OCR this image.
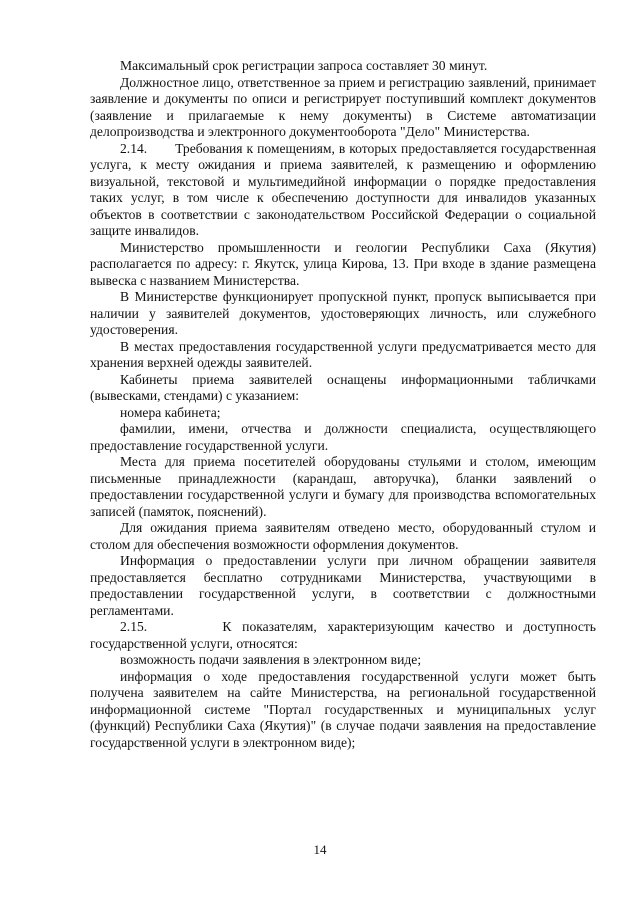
Максимальный срок регистрации запроса составляет 30 минут.

Должностное лицо, ответственное за прием и регистрацию заявлений, принимает заявление и документы по описи и регистрирует поступивший комплект документов (заявление и прилагаемые к нему документы) в Системе автоматизации делопроизводства и электронного документооборота "Дело" Министерства.

2.14.       Требования к помещениям, в которых предоставляется государственная услуга, к месту ожидания и приема заявителей, к размещению и оформлению визуальной, текстовой и мультимедийной информации о порядке предоставления таких услуг, в том числе к обеспечению доступности для инвалидов указанных объектов в соответствии с законодательством Российской Федерации о социальной защите инвалидов.

Министерство промышленности и геологии Республики Саха (Якутия) располагается по адресу: г. Якутск, улица Кирова, 13. При входе в здание размещена вывеска с названием Министерства.

В Министерстве функционирует пропускной пункт, пропуск выписывается при наличии у заявителей документов, удостоверяющих личность, или служебного удостоверения.

В местах предоставления государственной услуги предусматривается место для хранения верхней одежды заявителей.

Кабинеты приема заявителей оснащены информационными табличками (вывесками, стендами) с указанием:

номера кабинета;

фамилии, имени, отчества и должности специалиста, осуществляющего предоставление государственной услуги.

Места для приема посетителей оборудованы стульями и столом, имеющим письменные принадлежности (карандаш, авторучка), бланки заявлений о предоставлении государственной услуги и бумагу для производства вспомогательных записей (памяток, пояснений).

Для ожидания приема заявителям отведено место, оборудованный стулом и столом для обеспечения возможности оформления документов.

Информация о предоставлении услуги при личном обращении заявителя предоставляется бесплатно сотрудниками Министерства, участвующими в предоставлении государственной услуги, в соответствии с должностными регламентами.

2.15.       К показателям, характеризующим качество и доступность государственной услуги, относятся:

возможность подачи заявления в электронном виде;

информация о ходе предоставления государственной услуги может быть получена заявителем на сайте Министерства, на региональной государственной информационной системе "Портал государственных и муниципальных услуг (функций) Республики Саха (Якутия)" (в случае подачи заявления на предоставление государственной услуги в электронном виде);

14
